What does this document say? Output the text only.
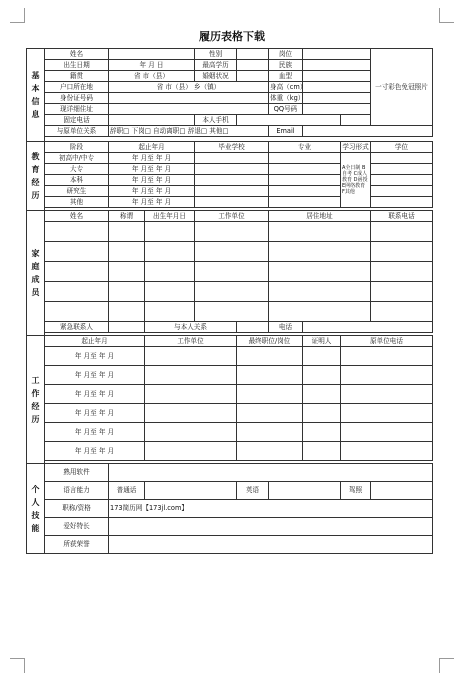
履历表格下载
基本信息	姓名			性别		岗位			一寸彩色免冠照片
	出生日期	年 月 日		最高学历		民族			
	籍贯	省 市（县）		婚姻状况		血型			
	户口所在地	省 市（县） 乡（镇）				身高（cm）			
	身份证号码					体重（kg）			
	现详细住址					QQ号码			
	固定电话			本人手机					
	与原单位关系	辞职□ 下岗□ 自动离职□ 辞退□ 其他□				Email			

教育经历	阶段	起止年月		毕业学校		专业		学习形式	学位
	初高中/中专	年 月至 年 月						A全日制 B自考 C成人教育 D函授 E网络教育 F其他	
	大专	年 月至 年 月							
	本科	年 月至 年 月							
	研究生	年 月至 年 月							
	其他	年 月至 年 月							

家庭成员	姓名	称谓	出生年月日	工作单位		居住地址			联系电话

	紧急联系人		与本人关系			电话			

工作经历	起止年月		工作单位		最终职位/岗位		证明人	原单位电话	
	年 月至 年 月								
	年 月至 年 月								
	年 月至 年 月								
	年 月至 年 月								
	年 月至 年 月								
	年 月至 年 月								

个人技能	熟用软件								
	语言能力	普通话			英语			驾照	
	职称/资格	173简历网【173jl.com】							
	爱好特长								
	所获荣誉								
